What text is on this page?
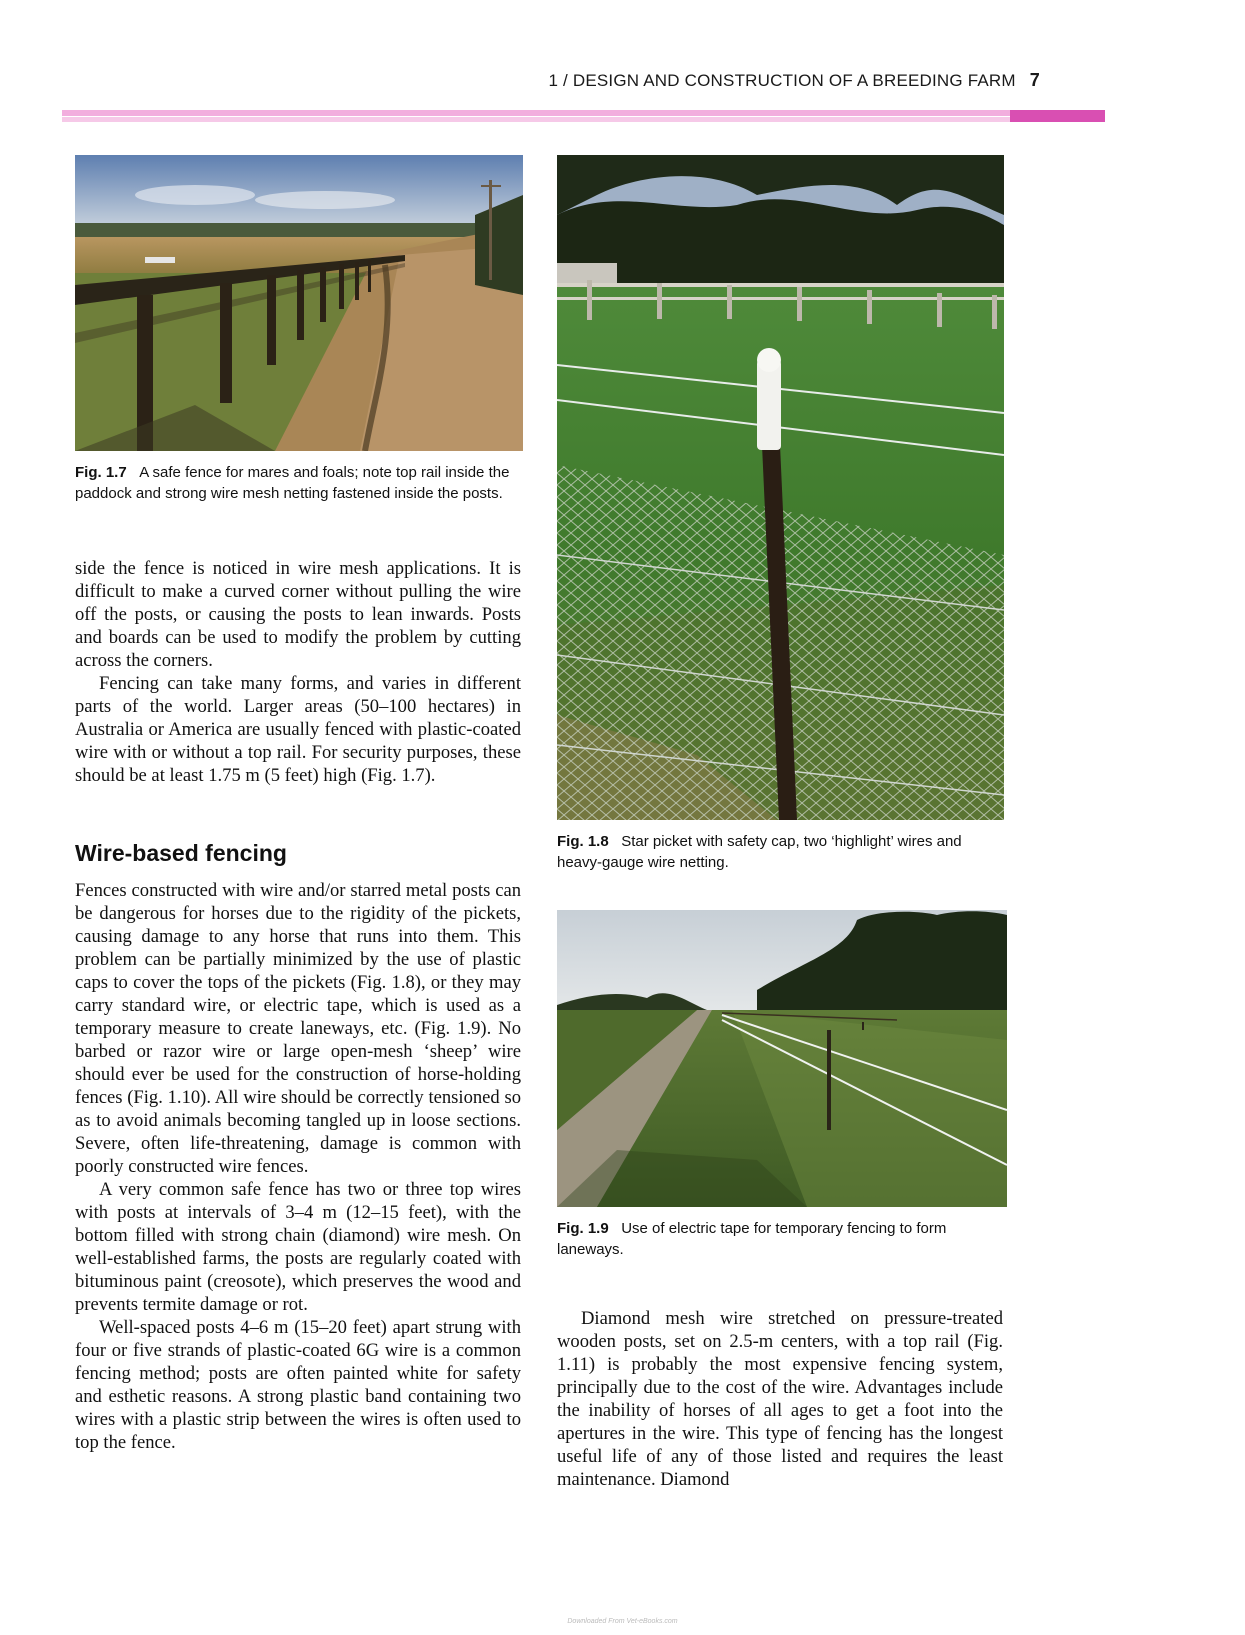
1 / DESIGN AND CONSTRUCTION OF A BREEDING FARM 7
Fig. 1.7 A safe fence for mares and foals; note top rail inside the paddock and strong wire mesh netting fastened inside the posts.

side the fence is noticed in wire mesh applications. It is difficult to make a curved corner without pulling the wire off the posts, or causing the posts to lean inwards. Posts and boards can be used to modify the problem by cutting across the corners.

Fencing can take many forms, and varies in different parts of the world. Larger areas (50–100 hectares) in Australia or America are usually fenced with plastic-coated wire with or without a top rail. For security purposes, these should be at least 1.75 m (5 feet) high (Fig. 1.7).

Wire-based fencing

Fences constructed with wire and/or starred metal posts can be dangerous for horses due to the rigidity of the pickets, causing damage to any horse that runs into them. This problem can be partially minimized by the use of plastic caps to cover the tops of the pickets (Fig. 1.8), or they may carry standard wire, or electric tape, which is used as a temporary measure to create laneways, etc. (Fig. 1.9). No barbed or razor wire or large open-mesh ‘sheep’ wire should ever be used for the construction of horse-holding fences (Fig. 1.10). All wire should be correctly tensioned so as to avoid animals becoming tangled up in loose sections. Severe, often life-threatening, damage is common with poorly constructed wire fences.

A very common safe fence has two or three top wires with posts at intervals of 3–4 m (12–15 feet), with the bottom filled with strong chain (diamond) wire mesh. On well-established farms, the posts are regularly coated with bituminous paint (creosote), which preserves the wood and prevents termite damage or rot.

Well-spaced posts 4–6 m (15–20 feet) apart strung with four or five strands of plastic-coated 6G wire is a common fencing method; posts are often painted white for safety and esthetic reasons. A strong plastic band containing two wires with a plastic strip between the wires is often used to top the fence.

Fig. 1.8 Star picket with safety cap, two ‘highlight’ wires and heavy-gauge wire netting.
Fig. 1.9 Use of electric tape for temporary fencing to form laneways.

Diamond mesh wire stretched on pressure-treated wooden posts, set on 2.5-m centers, with a top rail (Fig. 1.11) is probably the most expensive fencing system, principally due to the cost of the wire. Advantages include the inability of horses of all ages to get a foot into the apertures in the wire. This type of fencing has the longest useful life of any of those listed and requires the least maintenance. Diamond

Downloaded From Vet-eBooks.com
